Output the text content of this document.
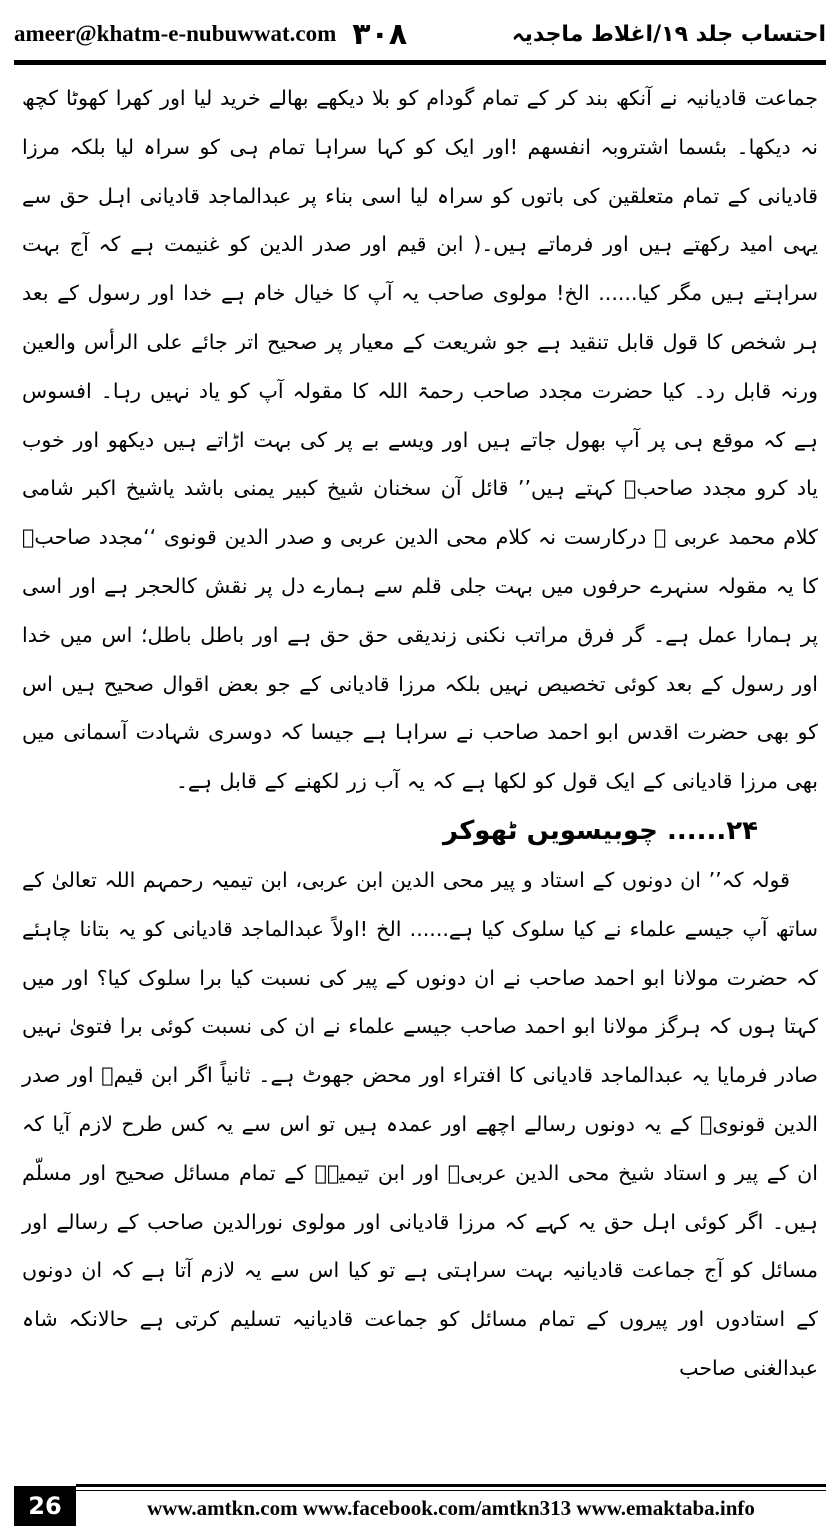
ameer@khatm-e-nubuwwat.com ۳۰۸	احتساب جلد ۱۹/اغلاط ماجدیہ

جماعت قادیانیہ نے آنکھ بند کر کے تمام گودام کو بلا دیکھے بھالے خرید لیا اور کھرا کھوٹا کچھ نہ دیکھا۔ بئسما اشتروبہ انفسھم !اور ایک کو کہا سراہا تمام ہی کو سراہ لیا بلکہ مرزا قادیانی کے تمام متعلقین کی باتوں کو سراہ لیا اسی بناء پر عبدالماجد قادیانی اہل حق سے یہی امید رکھتے ہیں اور فرماتے ہیں۔( ابن قیم اور صدر الدین کو غنیمت ہے کہ آج بہت سراہتے ہیں مگر کیا...... الخ! مولوی صاحب یہ آپ کا خیال خام ہے خدا اور رسول کے بعد ہر شخص کا قول قابل تنقید ہے جو شریعت کے معیار پر صحیح اتر جائے علی الرأس والعین ورنہ قابل رد۔ کیا حضرت مجدد صاحب رحمۃ اللہ کا مقولہ آپ کو یاد نہیں رہا۔ افسوس ہے کہ موقع ہی پر آپ بھول جاتے ہیں اور ویسے بے پر کی بہت اڑاتے ہیں دیکھو اور خوب یاد کرو مجدد صاحبؒ کہتے ہیں’’ قائل آن سخنان شیخ کبیر یمنی باشد یاشیخ اکبر شامی کلام محمد عربی ﷺ درکارست نہ کلام محی الدین عربی و صدر الدین قونوی ‘‘مجدد صاحبؒ کا یہ مقولہ سنہرے حرفوں میں بہت جلی قلم سے ہمارے دل پر نقش کالحجر ہے اور اسی پر ہمارا عمل ہے۔ گر فرق مراتب نکنی زندیقی حق حق ہے اور باطل باطل؛ اس میں خدا اور رسول کے بعد کوئی تخصیص نہیں بلکہ مرزا قادیانی کے جو بعض اقوال صحیح ہیں اس کو بھی حضرت اقدس ابو احمد صاحب نے سراہا ہے جیسا کہ دوسری شہادت آسمانی میں بھی مرزا قادیانی کے ایک قول کو لکھا ہے کہ یہ آب زر لکھنے کے قابل ہے۔

۲۴...... چوبیسویں ٹھوکر

قولہ کہ’’ ان دونوں کے استاد و پیر محی الدین ابن عربی، ابن تیمیہ رحمہم اللہ تعالیٰ کے ساتھ آپ جیسے علماء نے کیا سلوک کیا ہے...... الخ !اولاً عبدالماجد قادیانی کو یہ بتانا چاہئے کہ حضرت مولانا ابو احمد صاحب نے ان دونوں کے پیر کی نسبت کیا برا سلوک کیا؟ اور میں کہتا ہوں کہ ہرگز مولانا ابو احمد صاحب جیسے علماء نے ان کی نسبت کوئی برا فتویٰ نہیں صادر فرمایا یہ عبدالماجد قادیانی کا افتراء اور محض جھوٹ ہے۔ ثانیاً اگر ابن قیمؒ اور صدر الدین قونویؒ کے یہ دونوں رسالے اچھے اور عمدہ ہیں تو اس سے یہ کس طرح لازم آیا کہ ان کے پیر و استاد شیخ محی الدین عربیؒ اور ابن تیمیہؒ کے تمام مسائل صحیح اور مسلّم ہیں۔ اگر کوئی اہل حق یہ کہے کہ مرزا قادیانی اور مولوی نورالدین صاحب کے رسالے اور مسائل کو آج جماعت قادیانیہ بہت سراہتی ہے تو کیا اس سے یہ لازم آتا ہے کہ ان دونوں کے استادوں اور پیروں کے تمام مسائل کو جماعت قادیانیہ تسلیم کرتی ہے حالانکہ شاہ عبدالغنی صاحب

26	www.amtkn.com www.facebook.com/amtkn313 www.emaktaba.info
